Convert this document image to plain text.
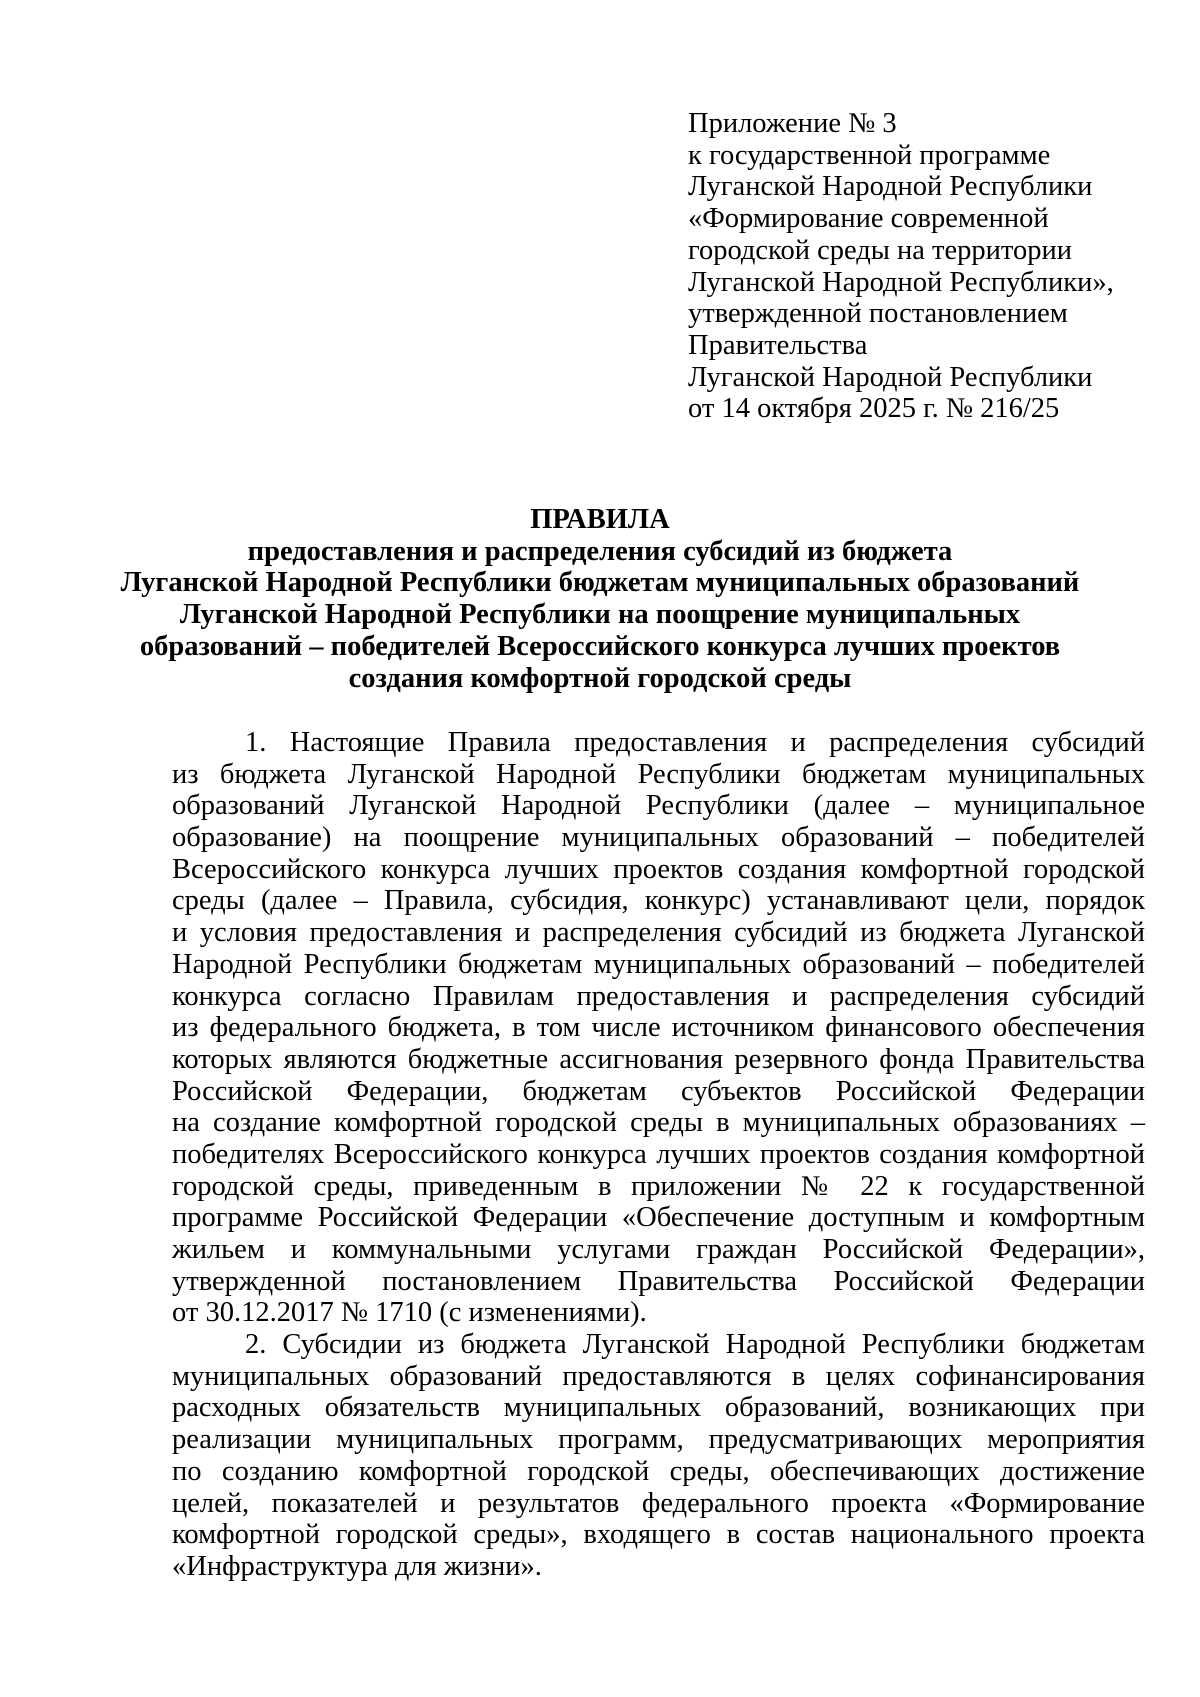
Приложение № 3
к государственной программе
Луганской Народной Республики
«Формирование современной
городской среды на территории
Луганской Народной Республики»,
утвержденной постановлением
Правительства
Луганской Народной Республики
от 14 октября 2025 г. № 216/25
ПРАВИЛА
предоставления и распределения субсидий из бюджета
Луганской Народной Республики бюджетам муниципальных образований
Луганской Народной Республики на поощрение муниципальных
образований – победителей Всероссийского конкурса лучших проектов
создания комфортной городской среды
1. Настоящие Правила предоставления и распределения субсидий
из бюджета Луганской Народной Республики бюджетам муниципальных
образований Луганской Народной Республики (далее – муниципальное
образование) на поощрение муниципальных образований – победителей
Всероссийского конкурса лучших проектов создания комфортной городской
среды (далее – Правила, субсидия, конкурс) устанавливают цели, порядок
и условия предоставления и распределения субсидий из бюджета Луганской
Народной Республики бюджетам муниципальных образований – победителей
конкурса согласно Правилам предоставления и распределения субсидий
из федерального бюджета, в том числе источником финансового обеспечения
которых являются бюджетные ассигнования резервного фонда Правительства
Российской Федерации, бюджетам субъектов Российской Федерации
на создание комфортной городской среды в муниципальных образованиях –
победителях Всероссийского конкурса лучших проектов создания комфортной
городской среды, приведенным в приложении № 22 к государственной
программе Российской Федерации «Обеспечение доступным и комфортным
жильем и коммунальными услугами граждан Российской Федерации»,
утвержденной постановлением Правительства Российской Федерации
от 30.12.2017 № 1710 (с изменениями).
2. Субсидии из бюджета Луганской Народной Республики бюджетам
муниципальных образований предоставляются в целях софинансирования
расходных обязательств муниципальных образований, возникающих при
реализации муниципальных программ, предусматривающих мероприятия
по созданию комфортной городской среды, обеспечивающих достижение
целей, показателей и результатов федерального проекта «Формирование
комфортной городской среды», входящего в состав национального проекта
«Инфраструктура для жизни».
